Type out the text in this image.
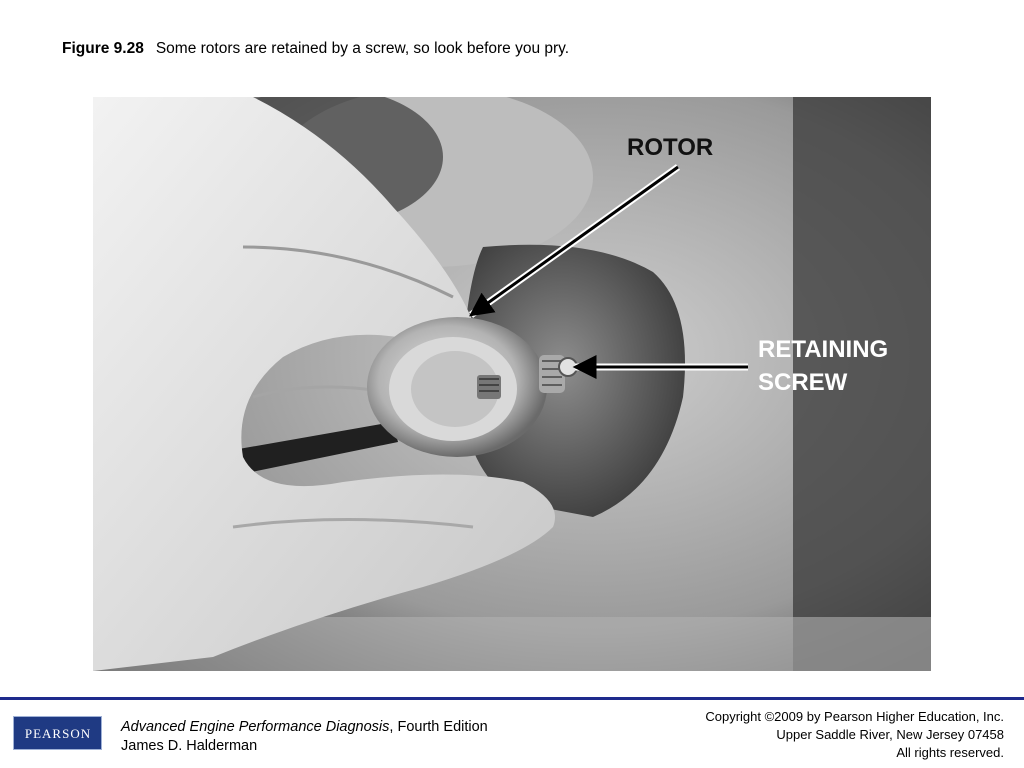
Figure 9.28 Some rotors are retained by a screw, so look before you pry.
ROTOR
RETAINING
SCREW
PEARSON Advanced Engine Performance Diagnosis, Fourth Edition
James D. Halderman
Copyright ©2009 by Pearson Higher Education, Inc.
Upper Saddle River, New Jersey 07458
All rights reserved.
